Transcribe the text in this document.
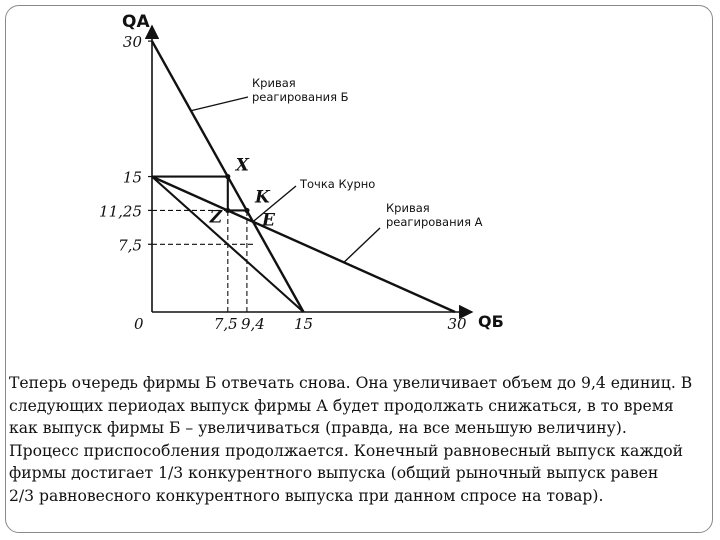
QA
QБ
30
15
11,25
7,5
7,5 9,4 15	30
0
X
K
Z E
Кривая реагирования Б
Точка Курно
Кривая реагирования А

Теперь очередь фирмы Б отвечать снова. Она увеличивает объем до 9,4 единиц. В

следующих периодах выпуск фирмы А будет продолжать снижаться, в то время

как выпуск фирмы Б – увеличиваться (правда, на все меньшую величину).

Процесс приспособления продолжается. Конечный равновесный выпуск каждой

фирмы достигает 1/3 конкурентного выпуска (общий рыночный выпуск равен

2/3 равновесного конкурентного выпуска при данном спросе на товар).
